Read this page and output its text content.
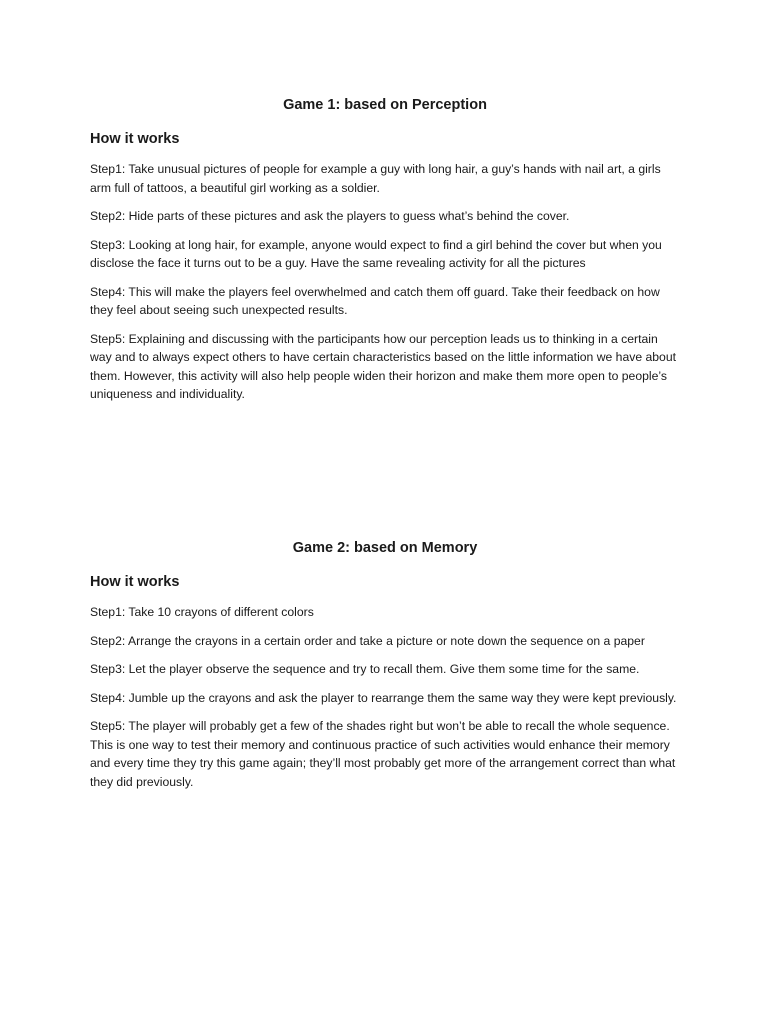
Game 1: based on Perception
How it works

Step1: Take unusual pictures of people for example a guy with long hair, a guy’s hands with nail art, a girls arm full of tattoos, a beautiful girl working as a soldier.

Step2: Hide parts of these pictures and ask the players to guess what’s behind the cover.

Step3: Looking at long hair, for example, anyone would expect to find a girl behind the cover but when you disclose the face it turns out to be a guy. Have the same revealing activity for all the pictures

Step4: This will make the players feel overwhelmed and catch them off guard. Take their feedback on how they feel about seeing such unexpected results.

Step5: Explaining and discussing with the participants how our perception leads us to thinking in a certain way and to always expect others to have certain characteristics based on the little information we have about them. However, this activity will also help people widen their horizon and make them more open to people’s uniqueness and individuality.

Game 2: based on Memory
How it works

Step1: Take 10 crayons of different colors

Step2: Arrange the crayons in a certain order and take a picture or note down the sequence on a paper

Step3: Let the player observe the sequence and try to recall them. Give them some time for the same.

Step4: Jumble up the crayons and ask the player to rearrange them the same way they were kept previously.

Step5: The player will probably get a few of the shades right but won’t be able to recall the whole sequence. This is one way to test their memory and continuous practice of such activities would enhance their memory and every time they try this game again; they’ll most probably get more of the arrangement correct than what they did previously.
